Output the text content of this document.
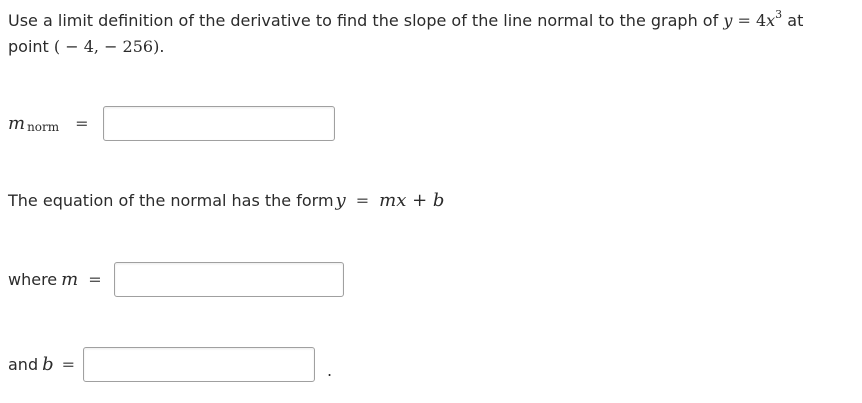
Use a limit definition of the derivative to find the slope of the line normal to the graph of $y = 4x^3$ at
point ( − 4, − 256).
m norm =
The equation of the normal has the form y = mx + b
where m =
and b =	.
